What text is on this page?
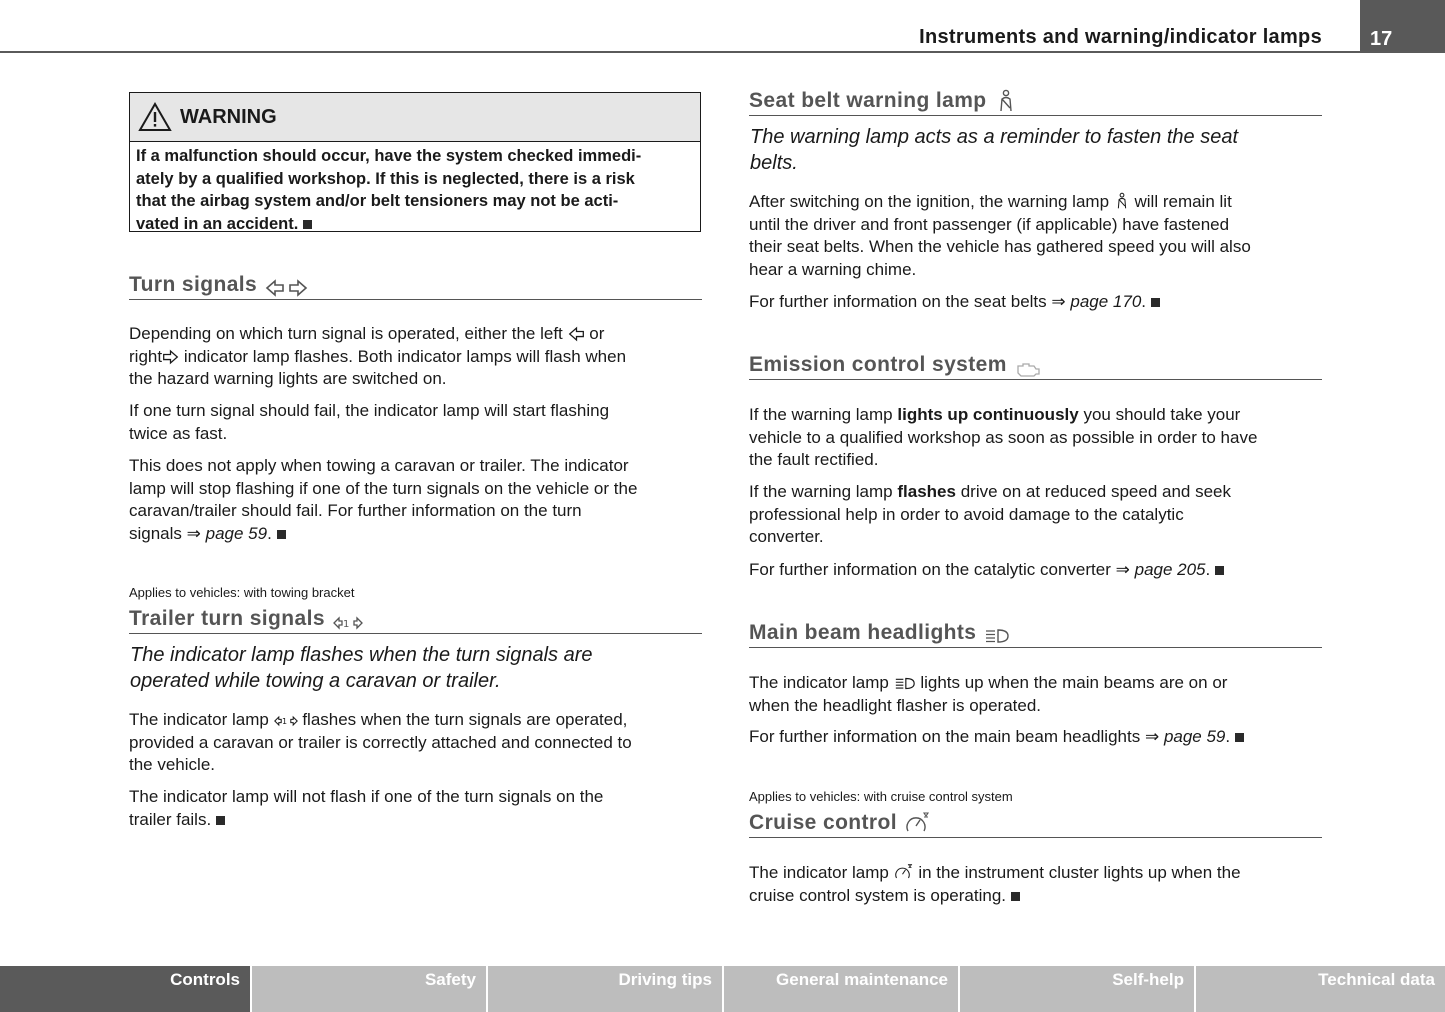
Instruments and warning/indicator lamps	17
WARNING
If a malfunction should occur, have the system checked immedi-
ately by a qualified workshop. If this is neglected, there is a risk
that the airbag system and/or belt tensioners may not be acti-
vated in an accident.
Turn signals
Depending on which turn signal is operated, either the left or
right indicator lamp flashes. Both indicator lamps will flash when
the hazard warning lights are switched on.
If one turn signal should fail, the indicator lamp will start flashing
twice as fast.
This does not apply when towing a caravan or trailer. The indicator
lamp will stop flashing if one of the turn signals on the vehicle or the
caravan/trailer should fail. For further information on the turn
signals ⇒ page 59.
Applies to vehicles: with towing bracket
Trailer turn signals 1
The indicator lamp flashes when the turn signals are
operated while towing a caravan or trailer.
The indicator lamp 1 flashes when the turn signals are operated,
provided a caravan or trailer is correctly attached and connected to
the vehicle.
The indicator lamp will not flash if one of the turn signals on the
trailer fails.
Seat belt warning lamp
The warning lamp acts as a reminder to fasten the seat
belts.
After switching on the ignition, the warning lamp will remain lit
until the driver and front passenger (if applicable) have fastened
their seat belts. When the vehicle has gathered speed you will also
hear a warning chime.
For further information on the seat belts ⇒ page 170.
Emission control system
If the warning lamp lights up continuously you should take your
vehicle to a qualified workshop as soon as possible in order to have
the fault rectified.
If the warning lamp flashes drive on at reduced speed and seek
professional help in order to avoid damage to the catalytic
converter.
For further information on the catalytic converter ⇒ page 205.
Main beam headlights
The indicator lamp lights up when the main beams are on or
when the headlight flasher is operated.
For further information on the main beam headlights ⇒ page 59.
Applies to vehicles: with cruise control system
Cruise control
The indicator lamp in the instrument cluster lights up when the
cruise control system is operating.
Controls	Safety	Driving tips	General maintenance	Self-help	Technical data
